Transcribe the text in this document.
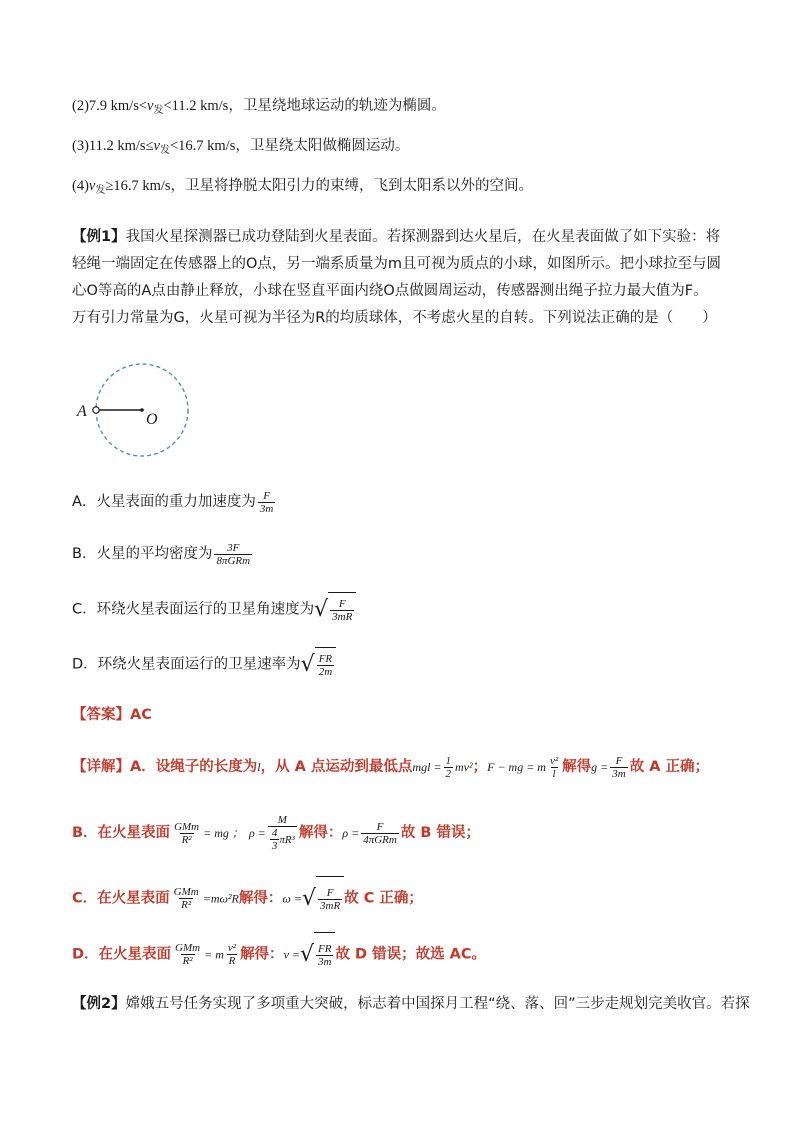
(2)7.9 $km/s<v_发<11.2$ km/s，卫星绕地球运动的轨迹为椭圆。
(3)11.2 $km/s\le v_发<16.7$ km/s，卫星绕太阳做椭圆运动。
$(4)v_发\ge 16.7$ km/s，卫星将挣脱太阳引力的束缚，飞到太阳系以外的空间。
【例1】我国火星探测器已成功登陆到火星表面。若探测器到达火星后，在火星表面做了如下实验：将轻绳一端固定在传感器上的O点，另一端系质量为m且可视为质点的小球，如图所示。把小球拉至与圆心O等高的A点由静止释放，小球在竖直平面内绕O点做圆周运动，传感器测出绳子拉力最大值为F。万有引力常量为G，火星可视为半径为R的均质球体，不考虑火星的自转。下列说法正确的是（　　）
A	O
A．火星表面的重力加速度为 $\frac{F}{3m}$
B．火星的平均密度为 $\frac{3F}{\text{8πGRm}}$
C．环绕火星表面运行的卫星角速度为 √ $\frac{F}{3mR}$
D．环绕火星表面运行的卫星速率为 √ $\frac{FR}{2m}$
【答案】AC
【详解】A．设绳子的长度为l，从 A 点运动到最低点mgl = $\frac{1}{2} mv^2$；F − mg = m $\frac{\text{v²}}{l}$ 解得$g = \frac{F}{3m}$ 故 A 正确；
B．在火星表面 $\frac{\text{GMm}}{\text{R²}}$ = mg ； $\rho = \frac{M}{\frac{4}{3} \pi R^3}$ 解得：$\rho = \frac{F}{\text{4πGRm}}$ 故 B 错误；
C．在火星表面 $\frac{\text{GMm}}{\text{R²}} =m\omega^2R$解得：ω = √ $\frac{F}{3mR}$ 故 C 正确；
D．在火星表面 $\frac{\text{GMm}}{\text{R²}} = m \frac{\text{v²}}{R}$ 解得：v = √ $\frac{FR}{3m}$ 故 D 错误；故选 AC。
【例2】嫦娥五号任务实现了多项重大突破，标志着中国探月工程“绕、落、回”三步走规划完美收官。若探
